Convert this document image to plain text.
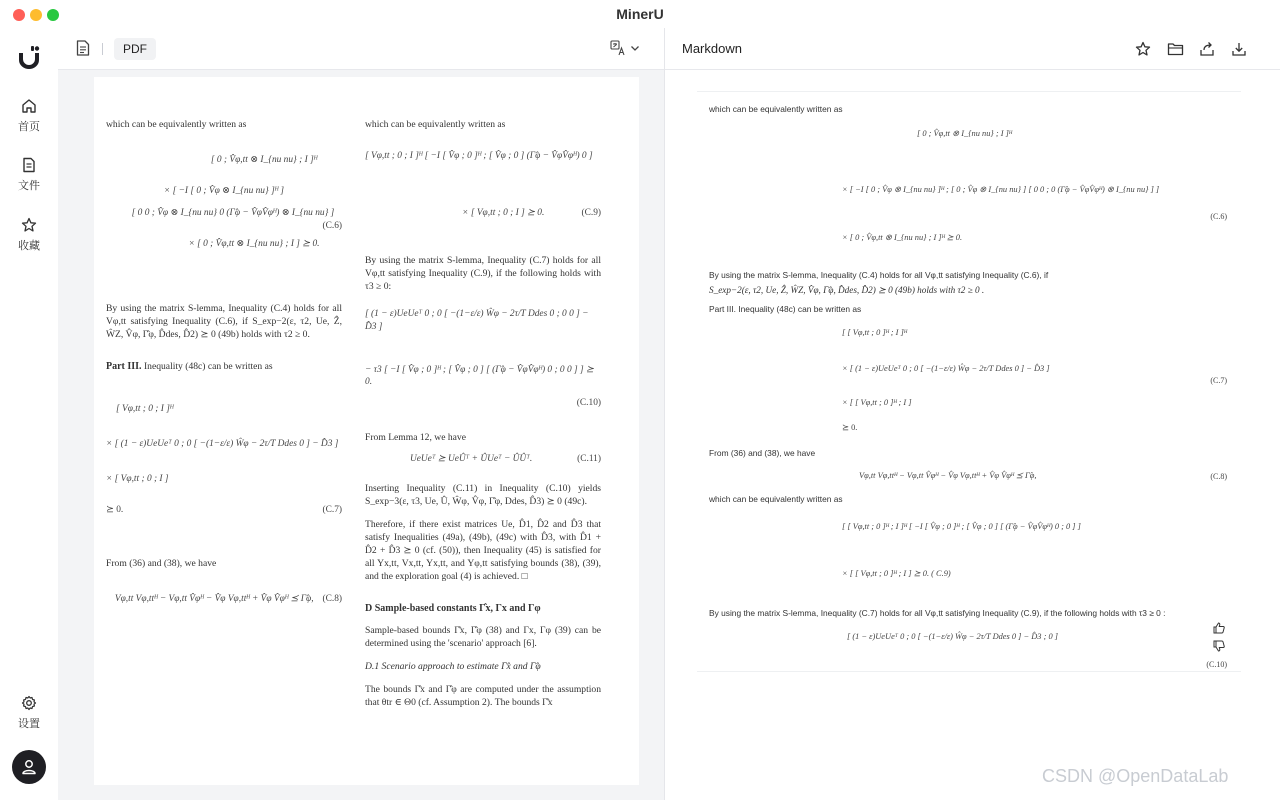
MinerU
首页
文件
收藏
设置
PDF
which can be equivalently written as
[ 0 ; V̂φ,tt ⊗ I_{nu nu} ; I ]ᴴ
× [ −I [ 0 ; V̂φ ⊗ I_{nu nu} ]ᴴ ]
[ 0 0 ; V̂φ ⊗ I_{nu nu} 0 (Γ̂φ − V̂φV̂φᴴ) ⊗ I_{nu nu} ]
(C.6)
× [ 0 ; V̂φ,tt ⊗ I_{nu nu} ; I ] ⪰ 0.
By using the matrix S-lemma, Inequality (C.4) holds for all Vφ,tt satisfying Inequality (C.6), if S_exp−2(ε, τ2, Ue, Ẑ, ŴZ, V̂φ, Γ̂φ, D̂des, D̂2) ⪰ 0 (49b) holds with τ2 ≥ 0.
Part III. Inequality (48c) can be written as
[ Vφ,tt ; 0 ; I ]ᴴ
× [ (1 − ε)UeUeᵀ 0 ; 0 [ −(1−ε/ε) Ŵφ − 2τ/T Ddes 0 ] − D̂3 ]
× [ Vφ,tt ; 0 ; I ]
⪰ 0.	(C.7)
From (36) and (38), we have
Vφ,tt Vφ,ttᴴ − Vφ,tt V̂φᴴ − V̂φ Vφ,ttᴴ + V̂φ V̂φᴴ ⪯ Γ̂φ, (C.8)
which can be equivalently written as
[ Vφ,tt ; 0 ; I ]ᴴ [ −I [ V̂φ ; 0 ]ᴴ ; [ V̂φ ; 0 ] (Γ̂φ − V̂φV̂φᴴ) 0 ]
× [ Vφ,tt ; 0 ; I ] ⪰ 0.	(C.9)
By using the matrix S-lemma, Inequality (C.7) holds for all Vφ,tt satisfying Inequality (C.9), if the following holds with τ3 ≥ 0:
[ (1 − ε)UeUeᵀ 0 ; 0 [ −(1−ε/ε) Ŵφ − 2τ/T Ddes 0 ; 0 0 ] − D̂3 ]
− τ3 [ −I [ V̂φ ; 0 ]ᴴ ; [ V̂φ ; 0 ] [ (Γ̂φ − V̂φV̂φᴴ) 0 ; 0 0 ] ] ⪰ 0.
(C.10)
From Lemma 12, we have
UeUeᵀ ⪰ UeÛᵀ + ÛUeᵀ − ÛÛᵀ.	(C.11)
Inserting Inequality (C.11) in Inequality (C.10) yields S_exp−3(ε, τ3, Ue, Û, Ŵφ, V̂φ, Γ̂φ, Ddes, D̂3) ⪰ 0 (49c).
Therefore, if there exist matrices Ue, D̂1, D̂2 and D̂3 that satisfy Inequalities (49a), (49b), (49c) with D̂3, with D̂1 + D̂2 + D̂3 ⪰ 0 (cf. (50)), then Inequality (45) is satisfied for all Yx,tt, Vx,tt, Yx,tt, and Yφ,tt satisfying bounds (38), (39), and the exploration goal (4) is achieved. □
D Sample-based constants Γ̂x, Γx and Γφ
Sample-based bounds Γ̂x, Γ̂φ (38) and Γx, Γφ (39) can be determined using the 'scenario' approach [6].
D.1 Scenario approach to estimate Γ̂x and Γ̂φ
The bounds Γ̂x and Γ̂φ are computed under the assumption that θtr ∈ Θ0 (cf. Assumption 2). The bounds Γ̂x
Markdown
which can be equivalently written as
[ 0 ; V̂φ,tt ⊗ I_{nu nu} ; I ]ᴴ
× [ −I [ 0 ; V̂φ ⊗ I_{nu nu} ]ᴴ ; [ 0 ; V̂φ ⊗ I_{nu nu} ] [ 0 0 ; 0 (Γ̂φ − V̂φV̂φᴴ) ⊗ I_{nu nu} ] ]
(C.6)
× [ 0 ; V̂φ,tt ⊗ I_{nu nu} ; I ]ᴴ ⪰ 0.
By using the matrix S-lemma, Inequality (C.4) holds for all Vφ,tt satisfying Inequality (C.6), if
S_exp−2(ε, τ2, Ue, Ẑ, ŴZ, V̂φ, Γ̂φ, D̂des, D̂2) ⪰ 0 (49b) holds with τ2 ≥ 0 .
Part III. Inequality (48c) can be written as
[ [ Vφ,tt ; 0 ]ᴴ ; I ]ᴴ
× [ (1 − ε)UeUeᵀ 0 ; 0 [ −(1−ε/ε) Ŵφ − 2τ/T Ddes 0 ] − D̂3 ]
(C.7)
× [ [ Vφ,tt ; 0 ]ᴴ ; I ]
⪰ 0.
From (36) and (38), we have
Vφ,tt Vφ,ttᴴ − Vφ,tt V̂φᴴ − V̂φ Vφ,ttᴴ + V̂φ V̂φᴴ ⪯ Γ̂φ,	(C.8)
which can be equivalently written as
[ [ Vφ,tt ; 0 ]ᴴ ; I ]ᴴ [ −I [ V̂φ ; 0 ]ᴴ ; [ V̂φ ; 0 ] [ (Γ̂φ − V̂φV̂φᴴ) 0 ; 0 ] ]
× [ [ Vφ,tt ; 0 ]ᴴ ; I ] ⪰ 0. ( C.9)
By using the matrix S-lemma, Inequality (C.7) holds for all Vφ,tt satisfying Inequality (C.9), if the following holds with τ3 ≥ 0 :
[ (1 − ε)UeUeᵀ 0 ; 0 [ −(1−ε/ε) Ŵφ − 2τ/T Ddes 0 ] − D̂3 ; 0 ]
(C.10)
CSDN @OpenDataLab
